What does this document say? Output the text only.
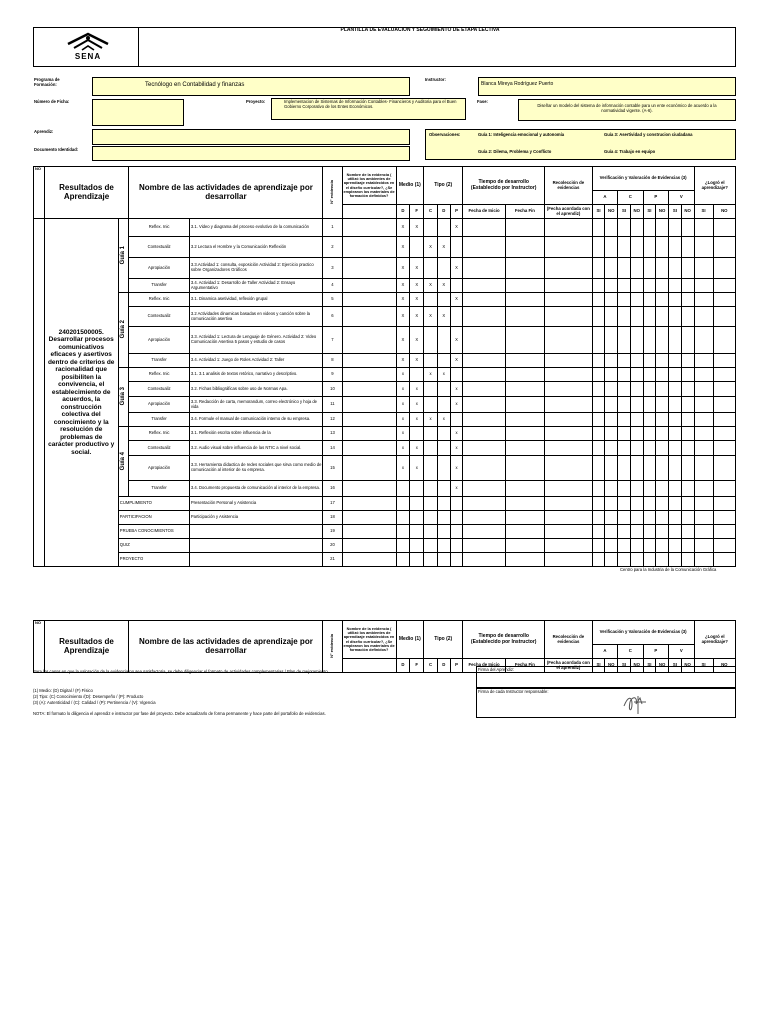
SENA
PLANTILLA DE EVALUACION Y SEGUIMIENTO DE ETAPA LECTIVA
Programa de Formación:	Tecnólogo en Contabilidad y finanzas
Instructor:
Blanca Mireya Rodríguez Puerto
Número de Ficha:	Proyecto:	Implementacion de Sistemas de Información Contables- Financieros y Auditoria para el Buen Gobierno Corporativo de los Entes Económicos.
Fase:
Diseñar un modelo del sistema de información contable para un ente económico de acuerdo a la normatividad vigente. (A-6).
Aprendiz:
Documento Identidad:
Observaciones:	Guía 1: Inteligencia emocional y autonomía	Guía 3: Asertividad y construcion ciudadana
Guía 2: Dilema, Problema y Conflicto	Guía 4: Trabajo en equipo
NO	Resultados de Aprendizaje		Nombre de las actividades de aprendizaje por desarrollar		N° evidencia	Nombre de la evidencia ( utilizó los ambientes de aprendizaje establecidos en el diseño curricular?, ¿Se emplearon los materiales de formación definidos?	Medio (1)		Tipo (2)			Tiempo de desarrollo (Establecido por Instructor)		Recolección de evidencias	Verificación y Valoración de Evidencias (3)								¿Logró el aprendizaje?	
															A		C		P		V			
							D	F	C	D	P	Fecha de Inicio	Fecha Fin	(Fecha acordada con el aprendiz)	SI	NO	SI	NO	SI	NO	SI	NO	SI	NO
	240201500005. Desarrollar procesos comunicativos eficaces y asertivos dentro de criterios de racionalidad que posibiliten la convivencia, el establecimiento de acuerdos, la construcción colectiva del conocimiento y la resolución de problemas de carácter productivo y social.	Guía 1	Reflex. Inic	3.1. Video y diagrama del proceso evolutivo de la comunicación	1		X	X			X													
			Contextualiz	3.2 Lectura el Hombre y la Comunicación Reflexión	2		X		X	X														
			Apropiación	3.3.Actividad 1: consulta, exposición Actividad 2: Ejercicio practico sobre Organizadores Gráficos	3		X	X			X													
			Transfer	3.4. Actividad 1: Desarrollo de Taller Actividad 2: Ensayo Argumentativo	4		X	X	X	X														
		Guía 2	Reflex. Inic	3.1. Dinamica asetividad, reflexión grupal	5		X	X			X													
			Contextualiz	3.2 Actividades dinamicas basadas en videos y canción sobre la comunicación asertiva	6		X	X	X	X														
			Apropiación	3.3. Actividad 1: Lectura de Lenguaje de Género. Actividad 2: Video Comunicación Asertiva 5 pasos y estudio de casos	7		X	X			X													
			Transfer	3.4. Actividad 1: Juego de Roles Actividad 2: Taller	8		X	X			X													
		Guía 3	Reflex. Inic	3.1. 3.1 analisis de textos retórico, narrativo y descriptivo.	9		x		x	x														
			Contextualiz	3.2. Fichas bibliográficas sobre uso de Normas Apa.	10		x	x			x													
			Apropiación	3.3. Redacción de carta, memorandum, correo electrónico y hoja de vida	11		x	x			x													
			Transfer	3.4. Formule el manual de comunicación interno de su empresa.	12		x	x	x	x														
		Guía 4	Reflex. Inic	3.1. Reflexión escrita sobre influencia de la	13		x				x													
			Contextualiz	3.2. Audio visual sobre influencia de las NTIC a nivel social.	14		x	x			x													
			Apropiación	3.3. Herramienta didactica de redes sociales que sirva como medio de comunicación al interior de su empresa.	15		x	x			x													
			Transfer	3.4. Documento propuesta de comunicación al interior de la empresa.	16						x													
		CUMPLIMIENTO		Presentación Personal y Asistencia	17																			
		PARTICIPACION		Participación y Asistencia	18																			
		PRUEBA CONOCIMIENTOS			19																			
		QUIZ			20																			
		PROYECTO			21																			
Centro para la Industria de la Comunicación Gráfica
NO	Resultados de Aprendizaje	Nombre de las actividades de aprendizaje por desarrollar	N° evidencia	Nombre de la evidencia ( utilizó los ambientes de aprendizaje establecidos en el diseño curricular?, ¿Se emplearon los materiales de formación definidos?	Medio (1)		Tipo (2)			Tiempo de desarrollo (Establecido por Instructor)		Recolección de evidencias	Verificación y Valoración de Evidencias (3)								¿Logró el aprendizaje?	
													A		C		P		V			
					D	F	C	D	P	Fecha de Inicio	Fecha Fin	(Fecha acordada con el aprendiz)	SI	NO	SI	NO	SI	NO	SI	NO	SI	NO
Para los casos en que la valoración de la evidencia no sea satisfactoria, se debe diligenciar el formato de actividades complementarias / Plan de mejoramiento
(1) Medio: (D) Digital / (F) Físico
(2) Tipo: (C) Conocimiento /(D): Desempeño / (P): Producto
(3) (A): Autenticidad / (C): Calidad / (P): Pertinencia / (V): Vigencia
NOTA: El formato lo diligencia el aprendiz e instructor por fase del proyecto. Debe actualizarlo de forma permanente y hace parte del portafolio de evidencias.
Firma del Aprendiz:
Firma de cada Instructor responsable:
